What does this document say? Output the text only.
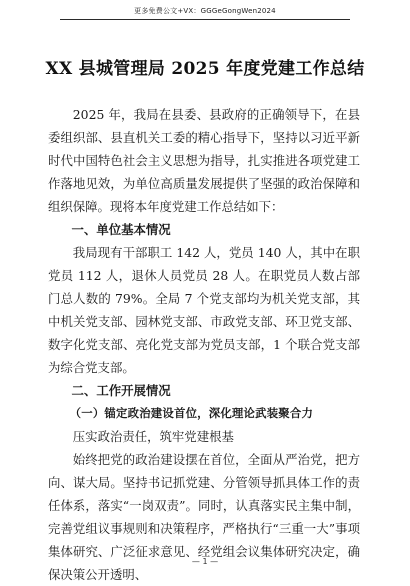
更多免费公文+VX：GGGeGongWen2024
XX 县城管理局 2025 年度党建工作总结

2025 年，我局在县委、县政府的正确领导下，在县委组织部、县直机关工委的精心指导下，坚持以习近平新时代中国特色社会主义思想为指导，扎实推进各项党建工作落地见效，为单位高质量发展提供了坚强的政治保障和组织保障。现将本年度党建工作总结如下：

一、单位基本情况

我局现有干部职工 142 人，党员 140 人，其中在职党员 112 人，退休人员党员 28 人。在职党员人数占部门总人数的 79%。全局 7 个党支部均为机关党支部，其中机关党支部、园林党支部、市政党支部、环卫党支部、数字化党支部、亮化党支部为党员支部，1 个联合党支部为综合党支部。

二、工作开展情况

（一）锚定政治建设首位，深化理论武装聚合力

压实政治责任，筑牢党建根基

始终把党的政治建设摆在首位，全面从严治党，把方向、谋大局。坚持书记抓党建、分管领导抓具体工作的责任体系，落实“一岗双责”。同时，认真落实民主集中制，完善党组议事规则和决策程序，严格执行“三重一大”事项集体研究、广泛征求意见、经党组会议集体研究决定，确保决策公开透明、

— 1 —
